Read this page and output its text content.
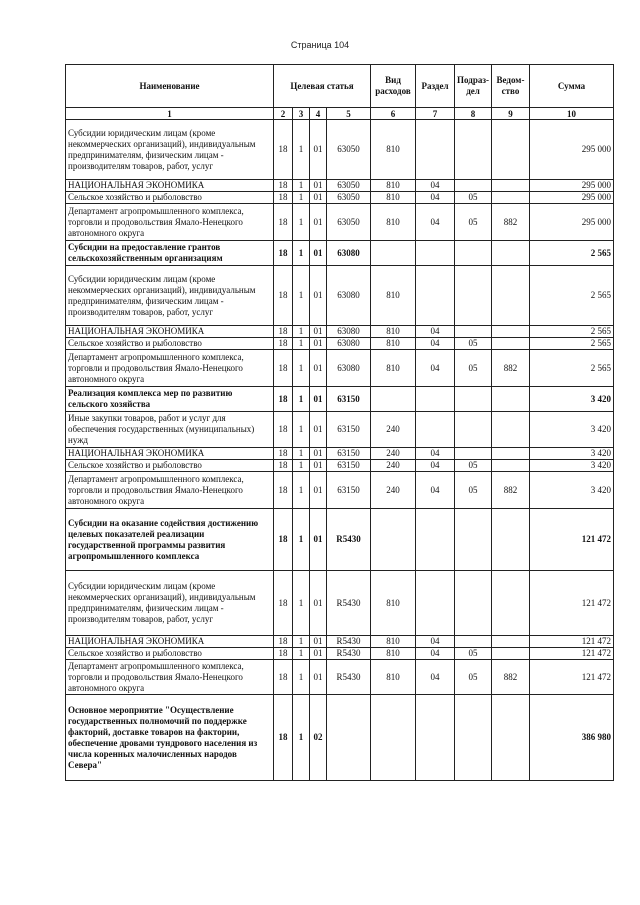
Страница 104
Наименование	Целевая статья				Вид расходов	Раздел	Подраз- дел	Ведом- ство	Сумма
1	2	3	4	5	6	7	8	9	10
Субсидии юридическим лицам (кроме некоммерческих организаций), индивидуальным предпринимателям, физическим лицам - производителям товаров, работ, услуг	18	1	01	63050	810				295 000
НАЦИОНАЛЬНАЯ ЭКОНОМИКА	18	1	01	63050	810	04			295 000
Сельское хозяйство и рыболовство	18	1	01	63050	810	04	05		295 000
Департамент агропромышленного комплекса, торговли и продовольствия Ямало-Ненецкого автономного округа	18	1	01	63050	810	04	05	882	295 000
Субсидии на предоставление грантов сельскохозяйственным организациям	18	1	01	63080					2 565
Субсидии юридическим лицам (кроме некоммерческих организаций), индивидуальным предпринимателям, физическим лицам - производителям товаров, работ, услуг	18	1	01	63080	810				2 565
НАЦИОНАЛЬНАЯ ЭКОНОМИКА	18	1	01	63080	810	04			2 565
Сельское хозяйство и рыболовство	18	1	01	63080	810	04	05		2 565
Департамент агропромышленного комплекса, торговли и продовольствия Ямало-Ненецкого автономного округа	18	1	01	63080	810	04	05	882	2 565
Реализация комплекса мер по развитию сельского хозяйства	18	1	01	63150					3 420
Иные закупки товаров, работ и услуг для обеспечения государственных (муниципальных) нужд	18	1	01	63150	240				3 420
НАЦИОНАЛЬНАЯ ЭКОНОМИКА	18	1	01	63150	240	04			3 420
Сельское хозяйство и рыболовство	18	1	01	63150	240	04	05		3 420
Департамент агропромышленного комплекса, торговли и продовольствия Ямало-Ненецкого автономного округа	18	1	01	63150	240	04	05	882	3 420
Субсидии на оказание содействия достижению целевых показателей реализации государственной программы развития агропромышленного комплекса	18	1	01	R5430					121 472
Субсидии юридическим лицам (кроме некоммерческих организаций), индивидуальным предпринимателям, физическим лицам - производителям товаров, работ, услуг	18	1	01	R5430	810				121 472
НАЦИОНАЛЬНАЯ ЭКОНОМИКА	18	1	01	R5430	810	04			121 472
Сельское хозяйство и рыболовство	18	1	01	R5430	810	04	05		121 472
Департамент агропромышленного комплекса, торговли и продовольствия Ямало-Ненецкого автономного округа	18	1	01	R5430	810	04	05	882	121 472
Основное мероприятие "Осуществление государственных полномочий по поддержке факторий, доставке товаров на фактории, обеспечение дровами тундрового населения из числа коренных малочисленных народов Севера"	18	1	02						386 980
